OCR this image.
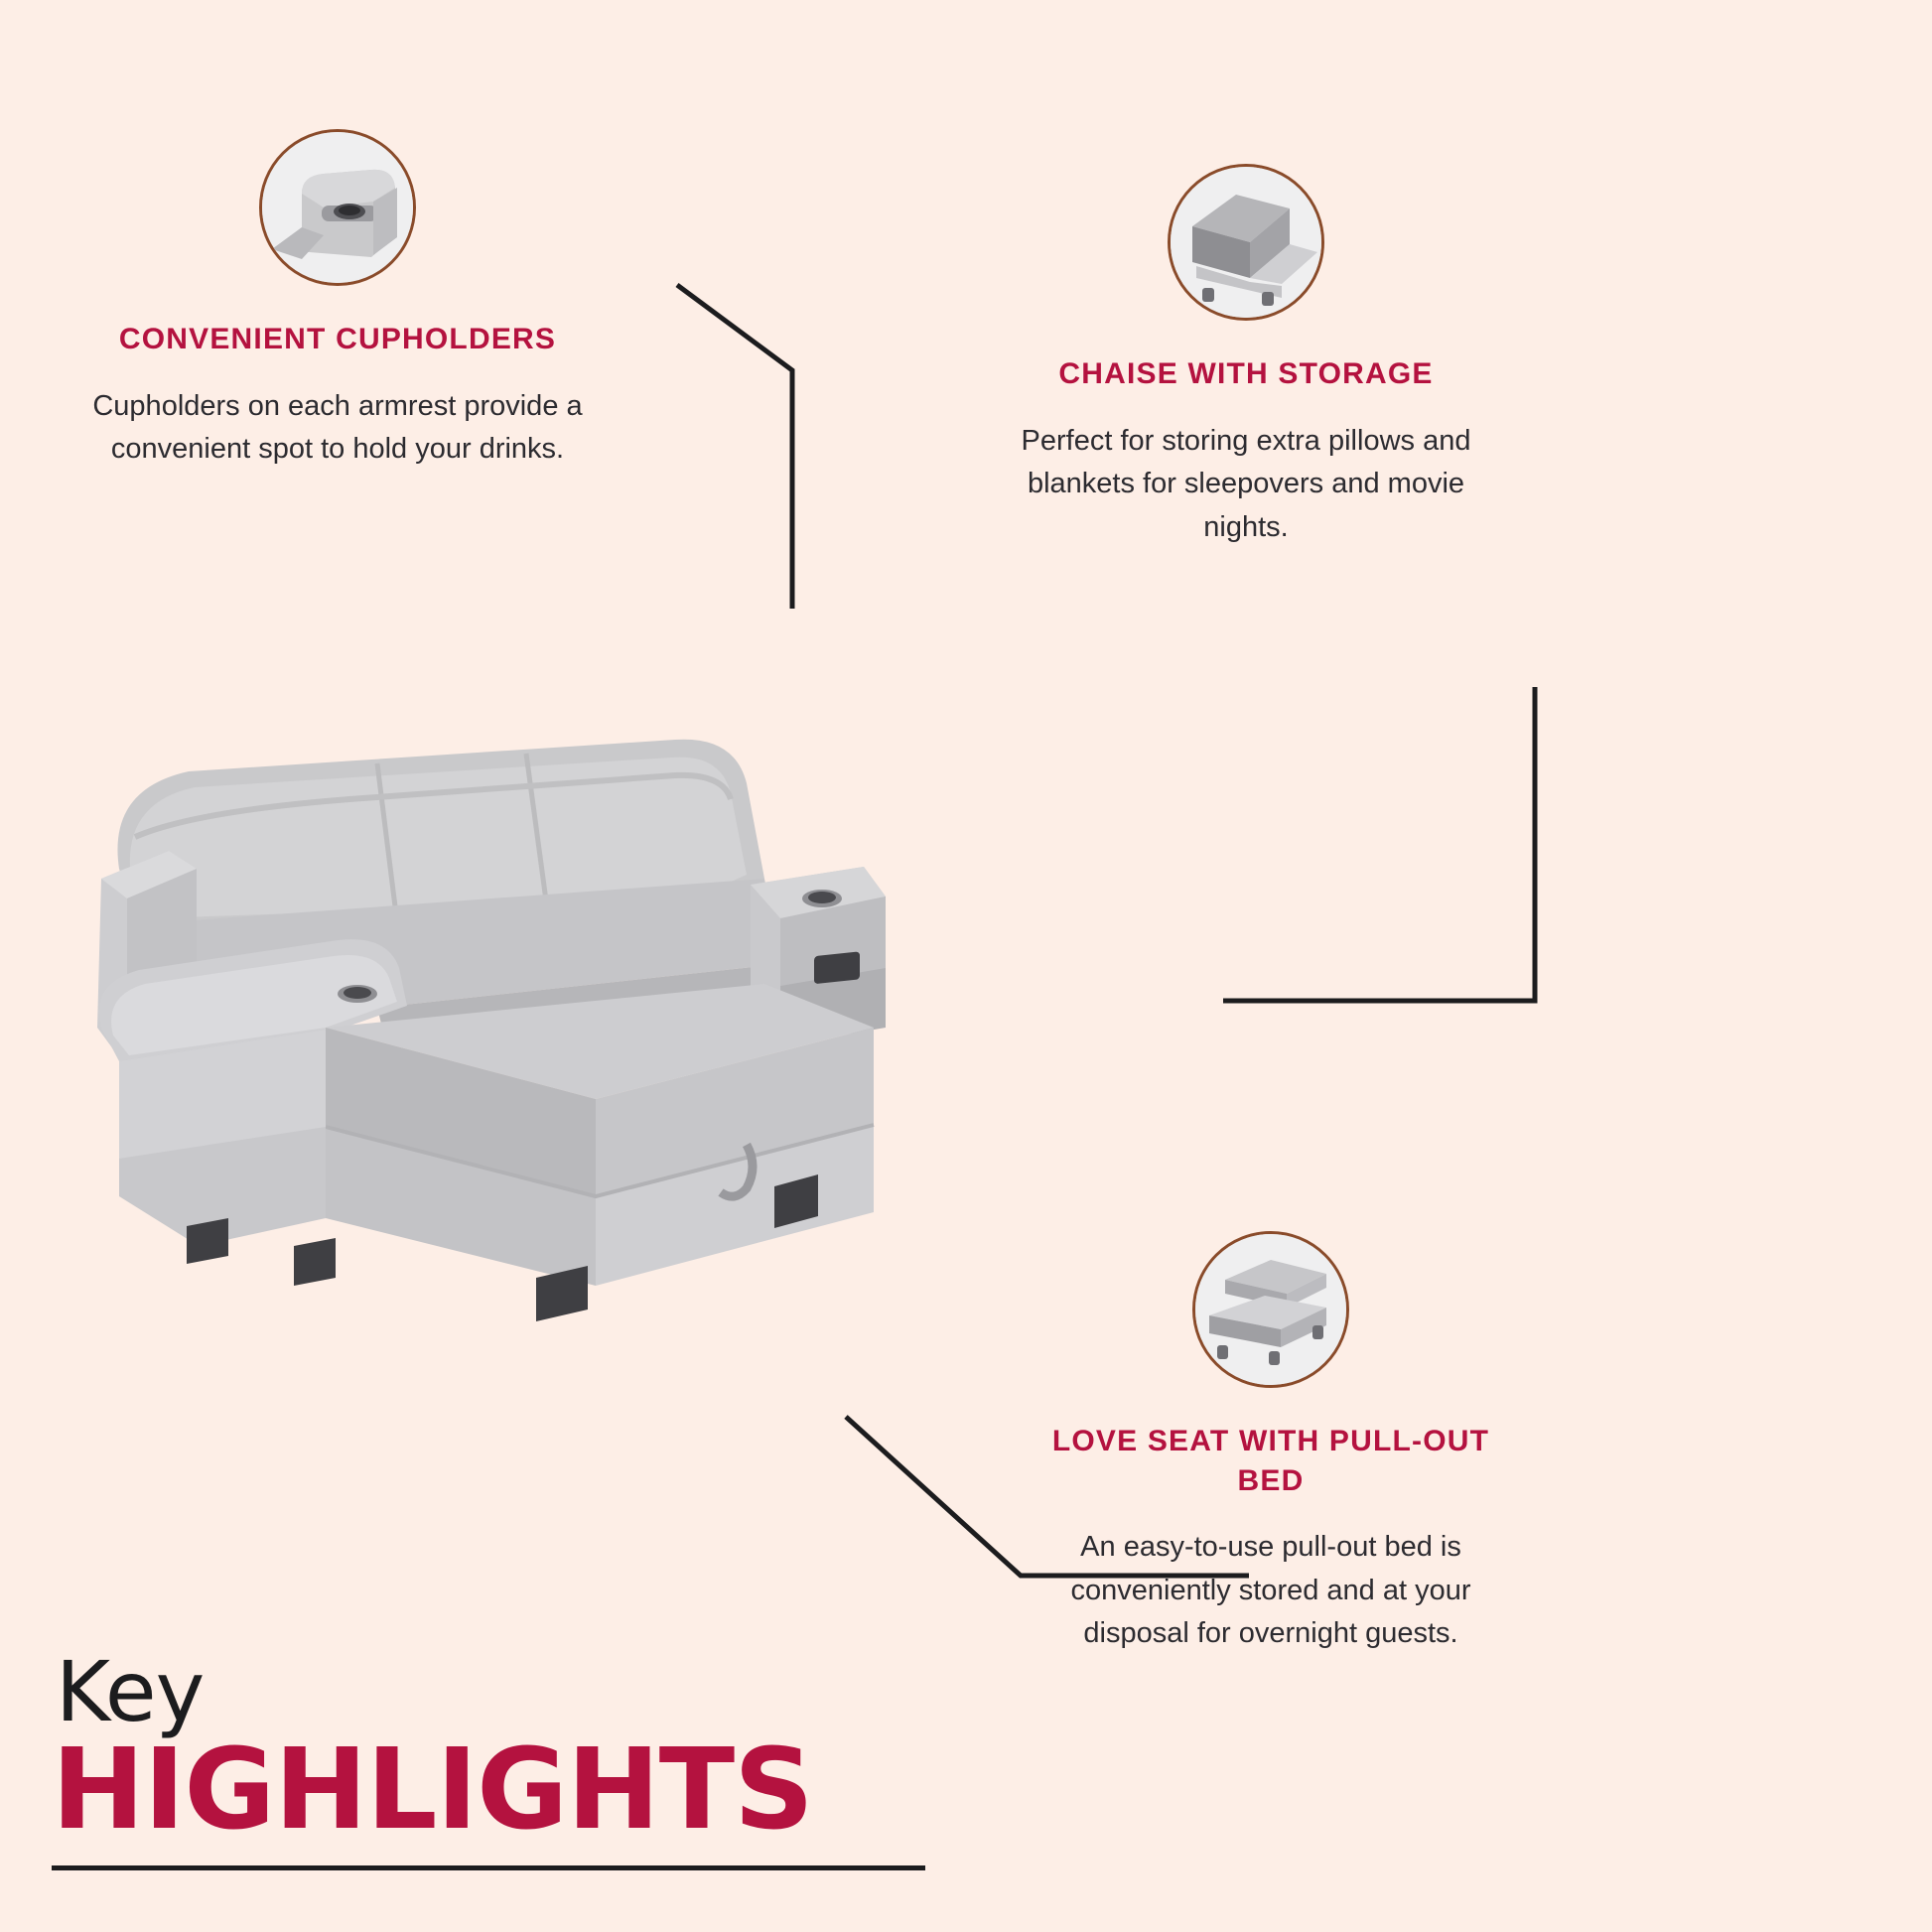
CONVENIENT CUPHOLDERS

Cupholders on each armrest provide a convenient spot to hold your drinks.

CHAISE WITH STORAGE

Perfect for storing extra pillows and blankets for sleepovers and movie nights.

LOVE SEAT WITH PULL-OUT BED

An easy-to-use pull-out bed is conveniently stored and at your disposal for overnight guests.

Key
HIGHLIGHTS
